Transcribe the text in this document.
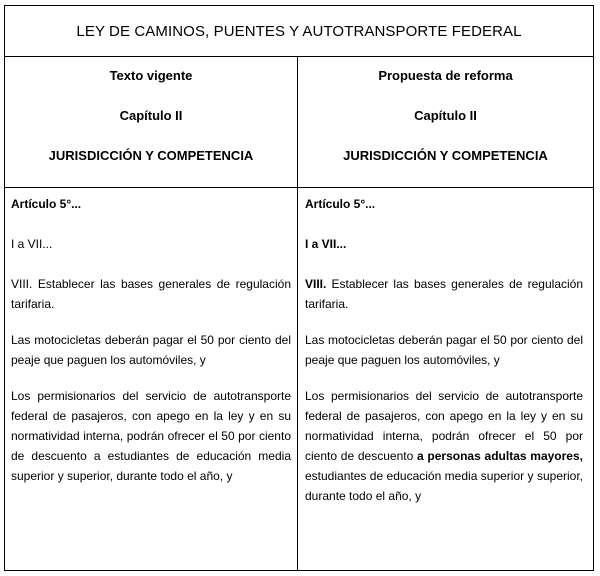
LEY DE CAMINOS, PUENTES Y AUTOTRANSPORTE FEDERAL
Texto vigente
Capítulo II
JURISDICCIÓN Y COMPETENCIA
Propuesta de reforma
Capítulo II
JURISDICCIÓN Y COMPETENCIA

Artículo 5°...

I a VII...

VIII. Establecer las bases generales de regulación tarifaria.

Las motocicletas deberán pagar el 50 por ciento del peaje que paguen los automóviles, y

Los permisionarios del servicio de autotransporte federal de pasajeros, con apego en la ley y en su normatividad interna, podrán ofrecer el 50 por ciento de descuento a estudiantes de educación media superior y superior, durante todo el año, y

Artículo 5°...

I a VII...

VIII. Establecer las bases generales de regulación tarifaria.

Las motocicletas deberán pagar el 50 por ciento del peaje que paguen los automóviles, y

Los permisionarios del servicio de autotransporte federal de pasajeros, con apego en la ley y en su normatividad interna, podrán ofrecer el 50 por ciento de descuento a personas adultas mayores, estudiantes de educación media superior y superior, durante todo el año, y
